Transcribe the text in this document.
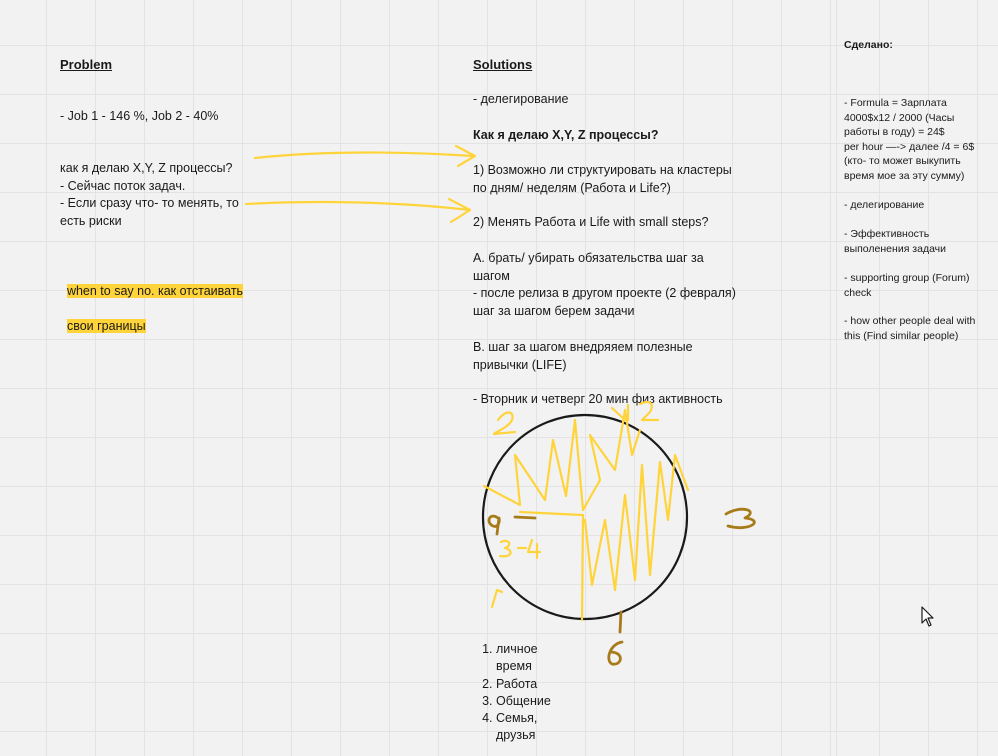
Problem
- Job 1 - 146 %, Job 2 - 40%
как я делаю X,Y, Z процессы?
- Сейчас поток задач.
- Если сразу что- то менять, то
есть риски

when to say no. как отстаивать

свои границы

Solutions
- делегирование
Как я делаю X,Y, Z процессы?
1) Возможно ли структуировать на кластеры
по дням/ неделям (Работа и Life?)
2) Менять Работа и Life with small steps?
A. брать/ убирать обязательства шаг за
шагом
- после релиза в другом проекте (2 февраля)
шаг за шагом берем задачи
B. шаг за шагом внедряяем полезные
привычки (LIFE)
- Вторник и четверг 20 мин физ активность
1. личное время
2. Работа
3. Общение
4. Семья, друзья
Сделано:
- Formula = Зарплата
4000$x12 / 2000 (Часы
работы в году) = 24$
per hour —-> далее /4 = 6$
(кто- то может выкупить
время мое за эту сумму)
- делегирование
- Эффективность
выполенения задачи
- supporting group (Forum)
check
- how other people deal with
this (Find similar people)
